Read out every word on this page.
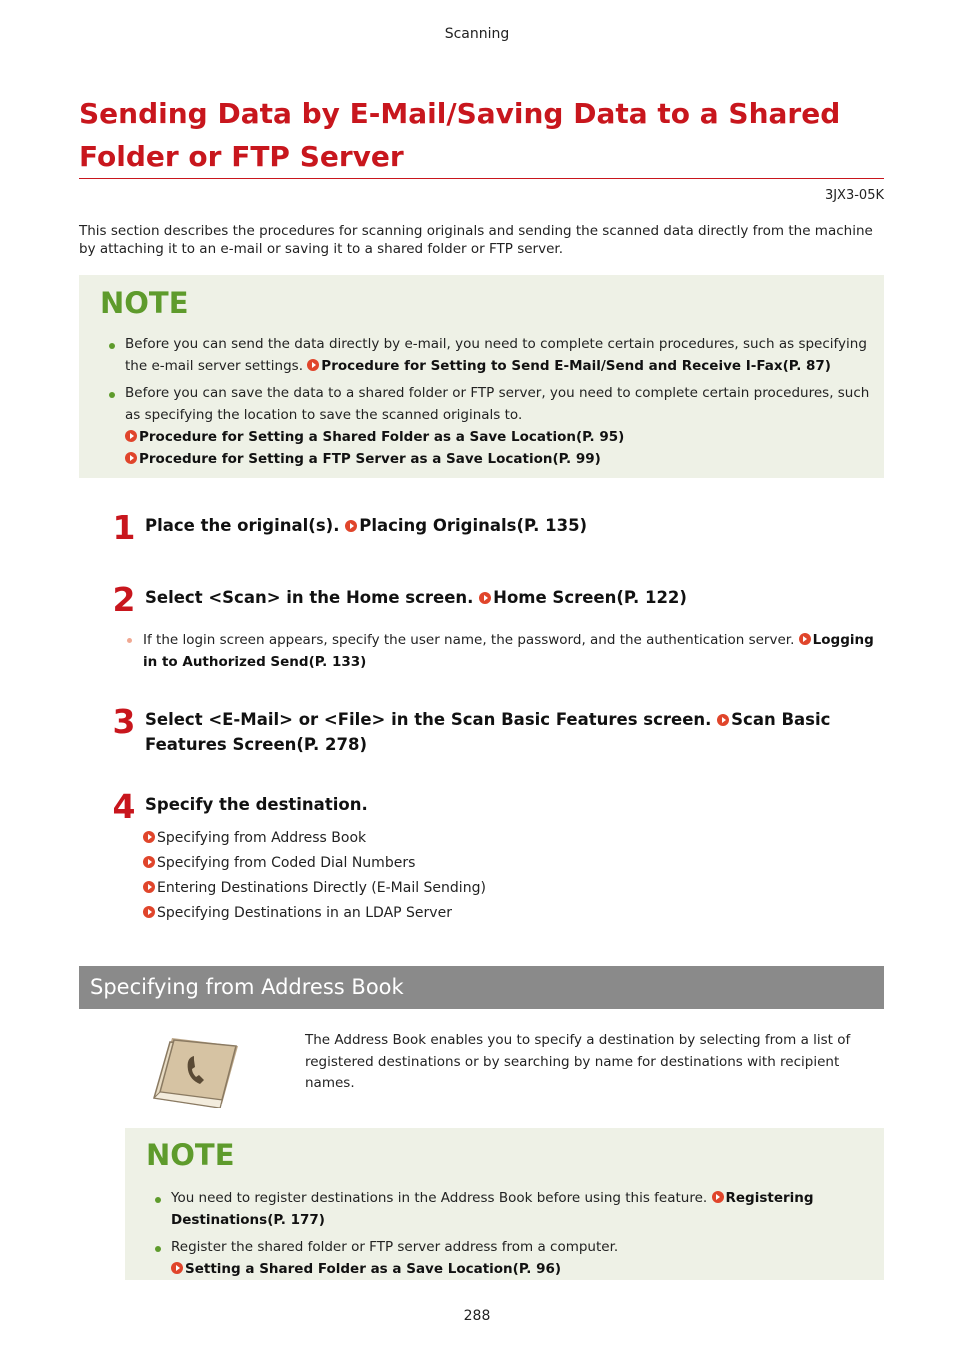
Scanning
Sending Data by E-Mail/Saving Data to a Shared Folder or FTP Server
3JX3-05K

This section describes the procedures for scanning originals and sending the scanned data directly from the machine by attaching it to an e-mail or saving it to a shared folder or FTP server.

NOTE
Before you can send the data directly by e-mail, you need to complete certain procedures, such as specifying the e-mail server settings. Procedure for Setting to Send E-Mail/Send and Receive I-Fax(P. 87)
Before you can save the data to a shared folder or FTP server, you need to complete certain procedures, such as specifying the location to save the scanned originals to.
Procedure for Setting a Shared Folder as a Save Location(P. 95)
Procedure for Setting a FTP Server as a Save Location(P. 99)
1 Place the original(s). Placing Originals(P. 135)
2 Select <Scan> in the Home screen. Home Screen(P. 122)
If the login screen appears, specify the user name, the password, and the authentication server. Logging in to Authorized Send(P. 133)
3 Select <E-Mail> or <File> in the Scan Basic Features screen. Scan Basic Features Screen(P. 278)
4 Specify the destination.
Specifying from Address Book
Specifying from Coded Dial Numbers
Entering Destinations Directly (E-Mail Sending)
Specifying Destinations in an LDAP Server
Specifying from Address Book

The Address Book enables you to specify a destination by selecting from a list of registered destinations or by searching by name for destinations with recipient names.

NOTE
You need to register destinations in the Address Book before using this feature. Registering Destinations(P. 177)
Register the shared folder or FTP server address from a computer.
Setting a Shared Folder as a Save Location(P. 96)
288
